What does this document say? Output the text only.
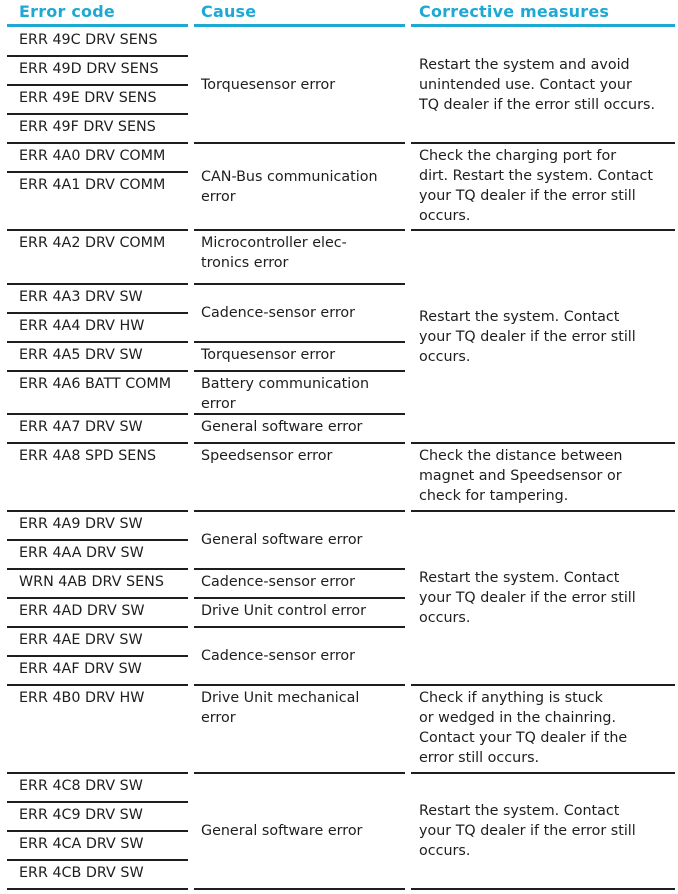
Error code	Cause	Corrective measures
ERR 49C DRV SENS
ERR 49D DRV SENS
ERR 49E DRV SENS
ERR 49F DRV SENS
ERR 4A0 DRV COMM
ERR 4A1 DRV COMM
ERR 4A2 DRV COMM
ERR 4A3 DRV SW
ERR 4A4 DRV HW
ERR 4A5 DRV SW
ERR 4A6 BATT COMM
ERR 4A7 DRV SW
ERR 4A8 SPD SENS
ERR 4A9 DRV SW
ERR 4AA DRV SW
WRN 4AB DRV SENS
ERR 4AD DRV SW
ERR 4AE DRV SW
ERR 4AF DRV SW
ERR 4B0 DRV HW
ERR 4C8 DRV SW
ERR 4C9 DRV SW
ERR 4CA DRV SW
ERR 4CB DRV SW
Torquesensor error
CAN-Bus communication
error
Microcontroller elec-
tronics error
Cadence-sensor error
Torquesensor error
Battery communication
error
General software error
Speedsensor error
General software error
Cadence-sensor error
Drive Unit control error
Cadence-sensor error
Drive Unit mechanical
error
General software error
Restart the system and avoid
unintended use. Contact your
TQ dealer if the error still occurs.
Check the charging port for
dirt. Restart the system. Contact
your TQ dealer if the error still
occurs.
Restart the system. Contact
your TQ dealer if the error still
occurs.
Check the distance between
magnet and Speedsensor or
check for tampering.
Restart the system. Contact
your TQ dealer if the error still
occurs.
Check if anything is stuck
or wedged in the chainring.
Contact your TQ dealer if the
error still occurs.
Restart the system. Contact
your TQ dealer if the error still
occurs.
